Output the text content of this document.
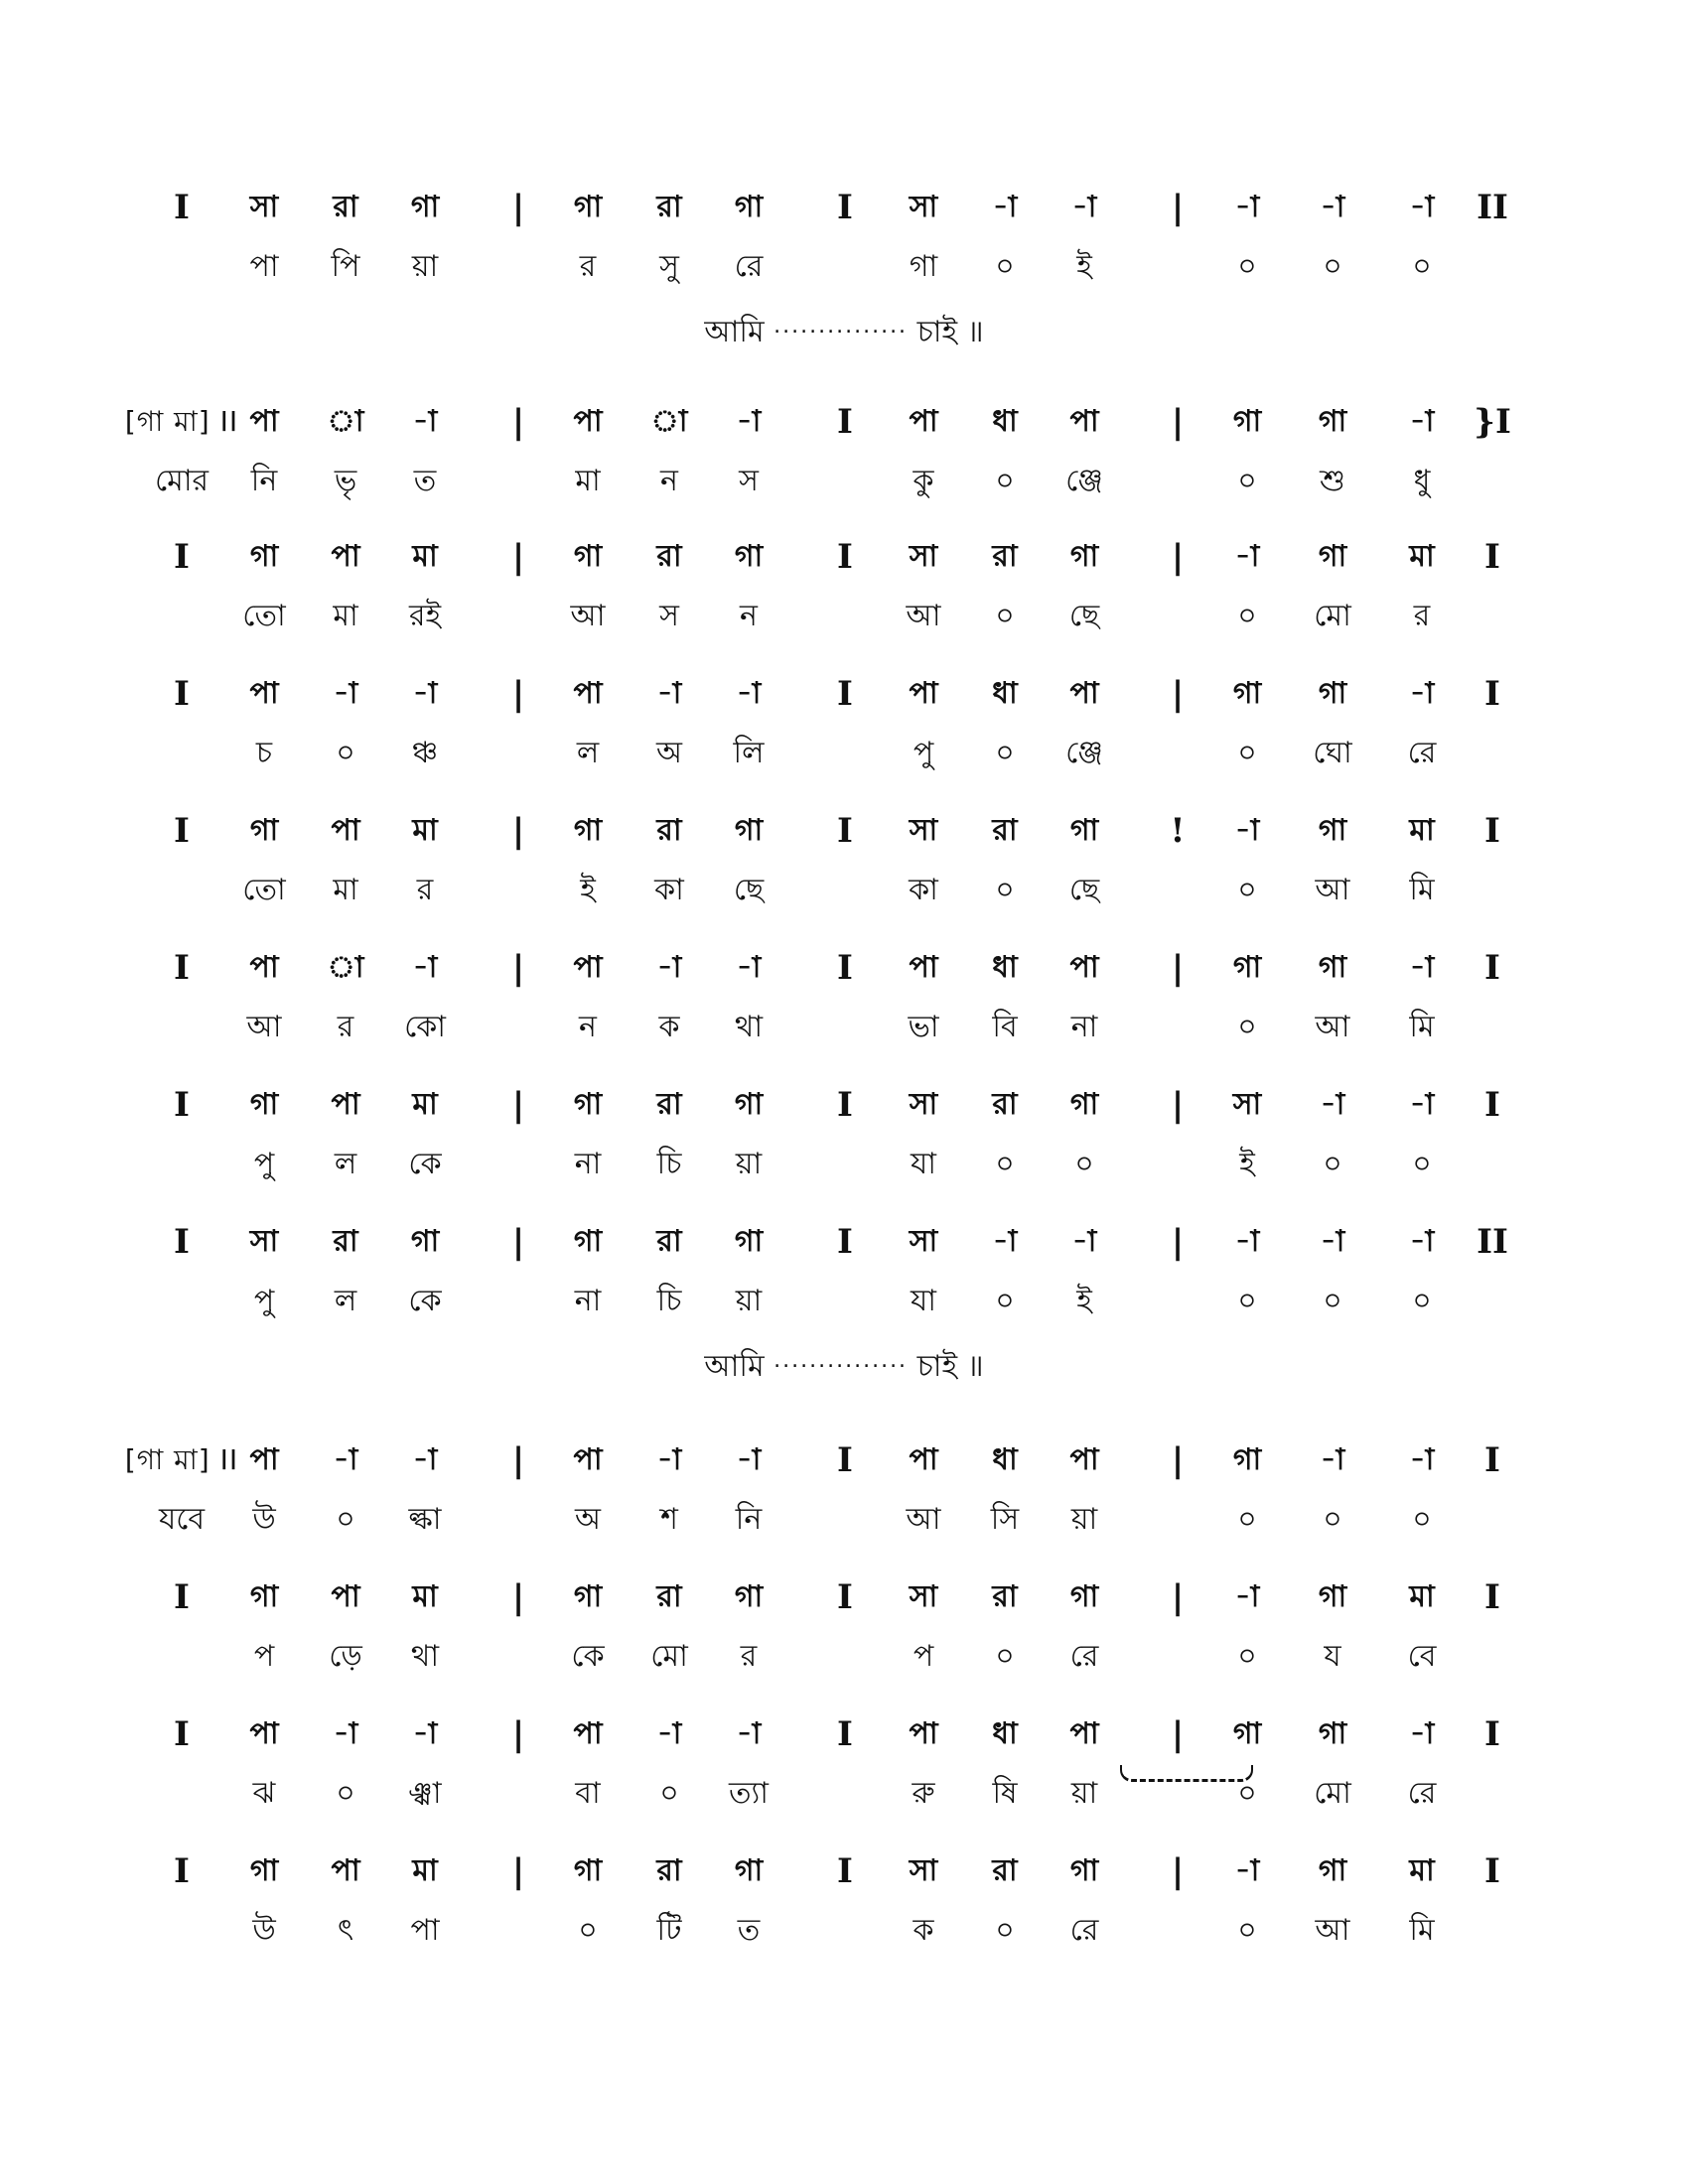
I সা রা গা | গা রা গা I সা -া -া | -া -া -া II
পা পি য়া	র সু রে	গা ০ ই	০ ০ ০
[গা মা] II পা া -া | পা া -া I পা ধা পা | গা গা -া }I
মোর নি ভৃ ত	মা ন স	কু ০ ঞ্জে	০ শু ধু
I গা পা মা | গা রা গা I সা রা গা | -া গা মা I
তো মা রই	আ স ন	আ ০ ছে	০ মো র
I পা -া -া | পা -া -া I পা ধা পা | গা গা -া I
চ ০ ঞ্চ	ল অ লি	পু ০ ঞ্জে	০ ঘো রে
I গা পা মা | গা রা গা I সা রা গা ! -া গা মা I
তো মা র	ই কা ছে	কা ০ ছে	০ আ মি
I পা া -া | পা -া -া I পা ধা পা | গা গা -া I
আ র কো	ন ক থা	ভা বি না	০ আ মি
I গা পা মা | গা রা গা I সা রা গা | সা -া -া I
পু ল কে	না চি য়া	যা ০ ০	ই ০ ০
I সা রা গা | গা রা গা I সা -া -া | -া -া -া II
পু ল কে	না চি য়া	যা ০ ই	০ ০ ০
[গা মা] II পা -া -া | পা -া -া I পা ধা পা | গা -া -া I
যবে উ ০ ল্কা	অ শ নি	আ সি য়া	০ ০ ০
I গা পা মা | গা রা গা I সা রা গা | -া গা মা I
প ড়ে থা	কে মো র	প ০ রে	০ য বে
I পা -া -া | পা -া -া I পা ধা পা | গা গা -া I
ঝ ০ ঞ্ঝা	বা ০ ত্যা	রু ষি য়া	০ মো রে
I গা পা মা | গা রা গা I সা রা গা | -া গা মা I
উ ৎ পা	০ টি ত	ক ০ রে	০ আ মি
আমি ··············· চাই ॥
আমি ··············· চাই ॥
